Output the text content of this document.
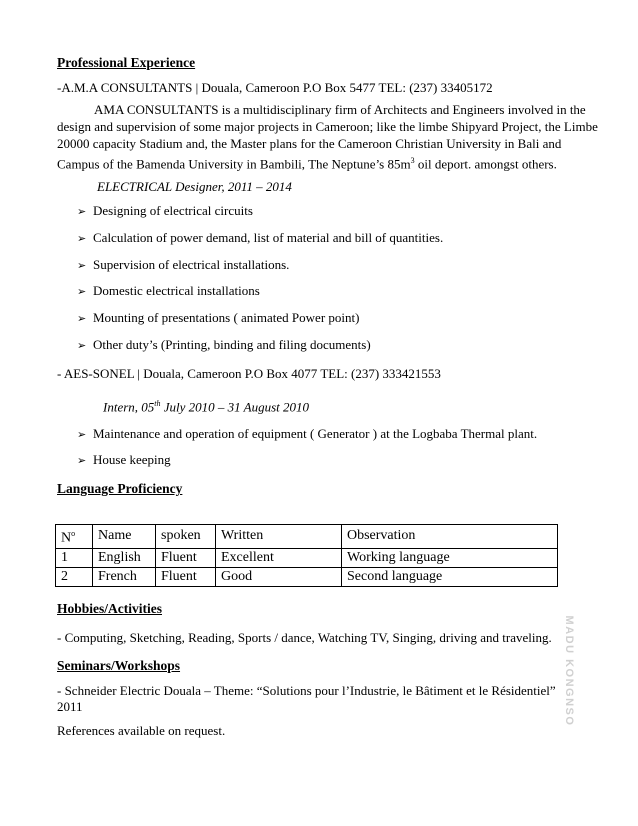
Professional Experience
-A.M.A CONSULTANTS | Douala, Cameroon P.O Box 5477 TEL: (237) 33405172
AMA CONSULTANTS is a multidisciplinary firm of Architects and Engineers involved in the
design and supervision of some major projects in Cameroon; like the limbe Shipyard Project, the Limbe
20000 capacity Stadium and, the Master plans for the Cameroon Christian University in Bali and
Campus of the Bamenda University in Bambili, The Neptune’s $85m^3$ oil deport. amongst others.
ELECTRICAL Designer, 2011 – 2014
➢ Designing of electrical circuits
➢ Calculation of power demand, list of material and bill of quantities.
➢ Supervision of electrical installations.
➢ Domestic electrical installations
➢ Mounting of presentations ( animated Power point)
➢ Other duty’s (Printing, binding and filing documents)
- AES-SONEL | Douala, Cameroon P.O Box 4077 TEL: (237) 333421553
Intern, 05th July 2010 – 31 August 2010
➢ Maintenance and operation of equipment ( Generator ) at the Logbaba Thermal plant.
➢ House keeping
Language Proficiency
$N^o$	Name	spoken	Written	Observation
1	English	Fluent	Excellent	Working language
2	French	Fluent	Good	Second language
Hobbies/Activities
- Computing, Sketching, Reading, Sports / dance, Watching TV, Singing, driving and traveling.
Seminars/Workshops
- Schneider Electric Douala – Theme: “Solutions pour l’Industrie, le Bâtiment et le Résidentiel”
2011
References available on request.
MADU KONGNSO
